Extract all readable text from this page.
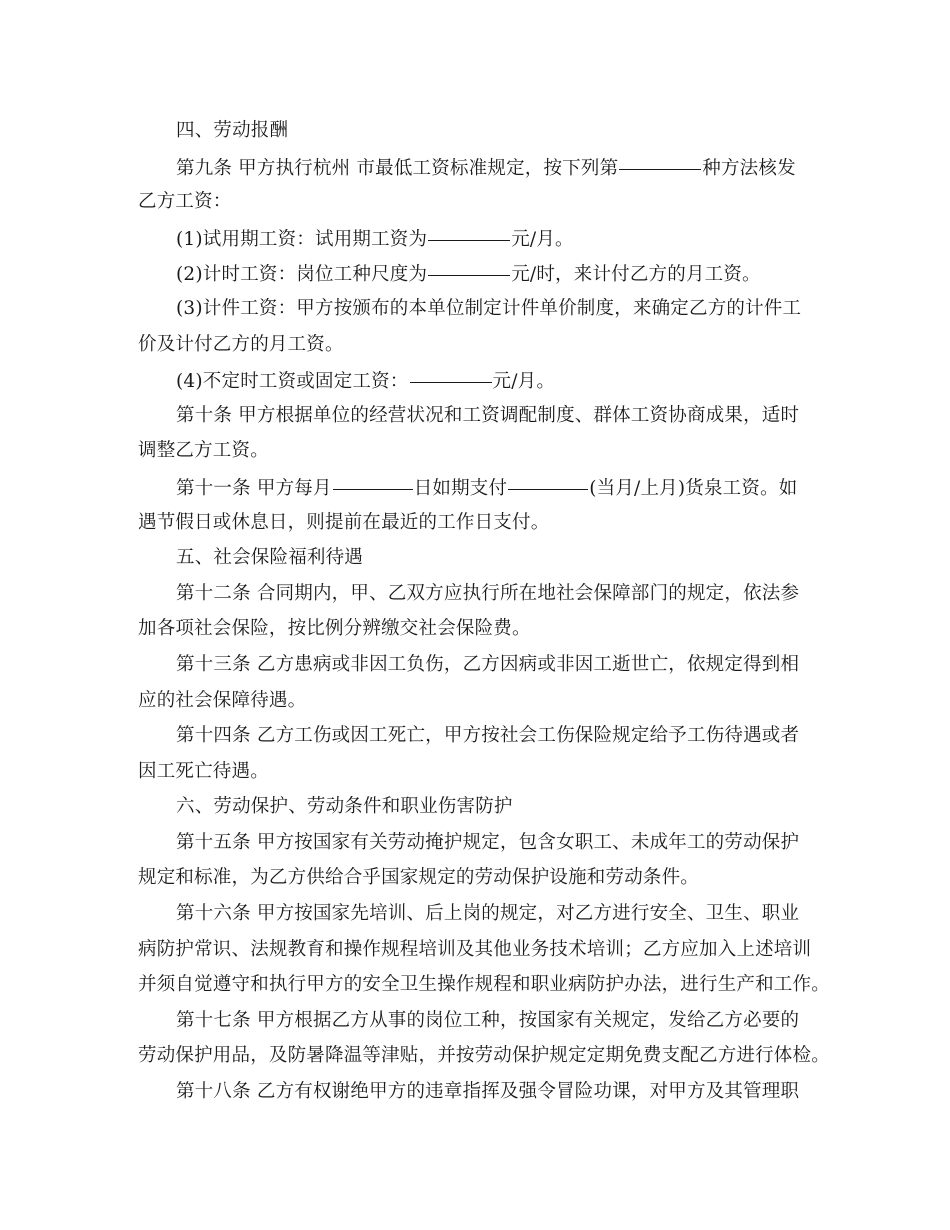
四、劳动报酬
第九条 甲方执行杭州 市最低工资标准规定，按下列第	种方法核发
乙方工资：
(1)试用期工资：试用期工资为	元/月。
(2)计时工资：岗位工种尺度为	元/时，来计付乙方的月工资。
(3)计件工资：甲方按颁布的本单位制定计件单价制度，来确定乙方的计件工
价及计付乙方的月工资。
(4)不定时工资或固定工资：	元/月。
第十条 甲方根据单位的经营状况和工资调配制度、群体工资协商成果，适时
调整乙方工资。
第十一条 甲方每月	日如期支付	(当月/上月)货泉工资。如
遇节假日或休息日，则提前在最近的工作日支付。
五、社会保险福利待遇
第十二条 合同期内，甲、乙双方应执行所在地社会保障部门的规定，依法参
加各项社会保险，按比例分辨缴交社会保险费。
第十三条 乙方患病或非因工负伤，乙方因病或非因工逝世亡，依规定得到相
应的社会保障待遇。
第十四条 乙方工伤或因工死亡，甲方按社会工伤保险规定给予工伤待遇或者
因工死亡待遇。
六、劳动保护、劳动条件和职业伤害防护
第十五条 甲方按国家有关劳动掩护规定，包含女职工、未成年工的劳动保护
规定和标准，为乙方供给合乎国家规定的劳动保护设施和劳动条件。
第十六条 甲方按国家先培训、后上岗的规定，对乙方进行安全、卫生、职业
病防护常识、法规教育和操作规程培训及其他业务技术培训；乙方应加入上述培训
并须自觉遵守和执行甲方的安全卫生操作规程和职业病防护办法，进行生产和工作。
第十七条 甲方根据乙方从事的岗位工种，按国家有关规定，发给乙方必要的
劳动保护用品，及防暑降温等津贴，并按劳动保护规定定期免费支配乙方进行体检。
第十八条 乙方有权谢绝甲方的违章指挥及强令冒险功课，对甲方及其管理职
